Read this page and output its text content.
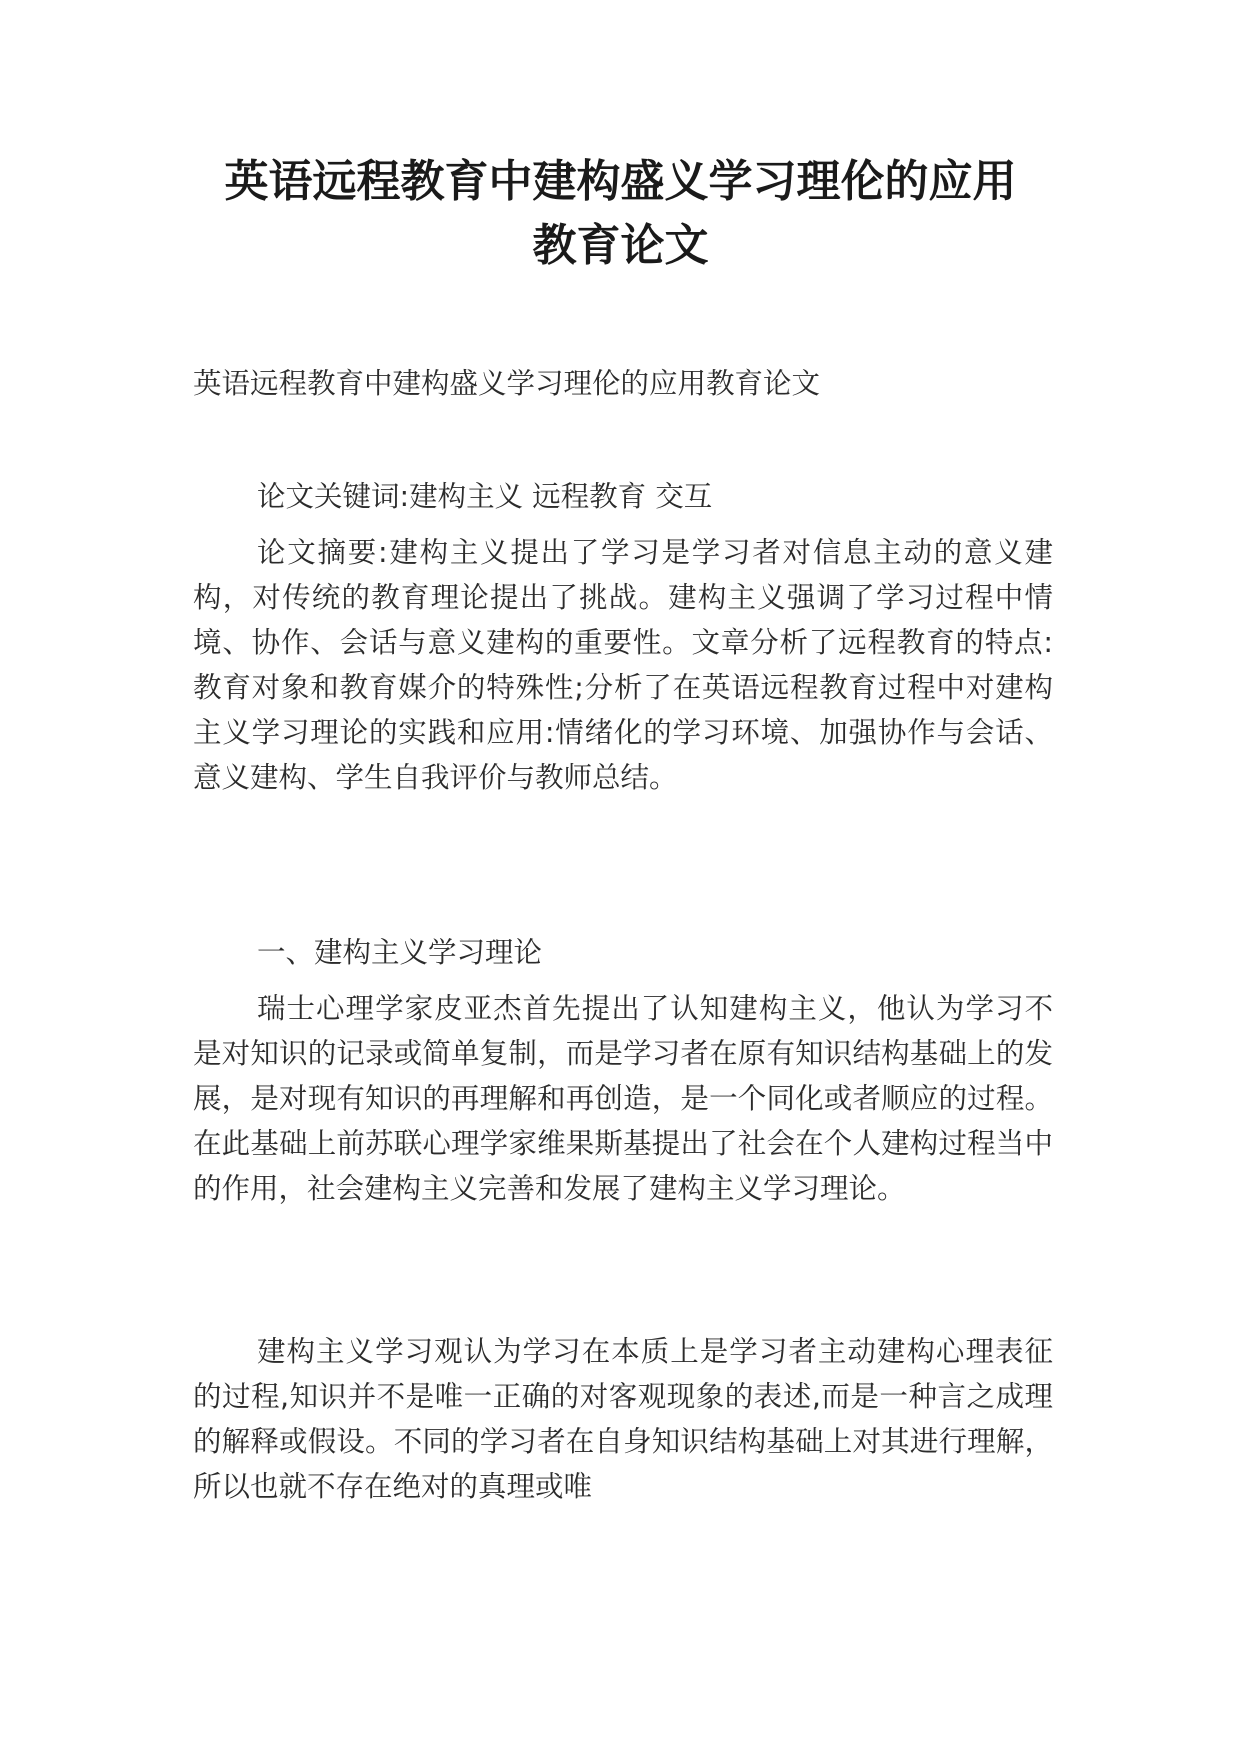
英语远程教育中建构盛义学习理伦的应用
教育论文

英语远程教育中建构盛义学习理伦的应用教育论文

论文关键词:建构主义 远程教育 交互

论文摘要:建构主义提出了学习是学习者对信息主动的意义建构，对传统的教育理论提出了挑战。建构主义强调了学习过程中情境、协作、会话与意义建构的重要性。文章分析了远程教育的特点:教育对象和教育媒介的特殊性;分析了在英语远程教育过程中对建构主义学习理论的实践和应用:情绪化的学习环境、加强协作与会话、意义建构、学生自我评价与教师总结。

一、建构主义学习理论

瑞士心理学家皮亚杰首先提出了认知建构主义，他认为学习不是对知识的记录或简单复制，而是学习者在原有知识结构基础上的发展，是对现有知识的再理解和再创造，是一个同化或者顺应的过程。在此基础上前苏联心理学家维果斯基提出了社会在个人建构过程当中的作用，社会建构主义完善和发展了建构主义学习理论。

建构主义学习观认为学习在本质上是学习者主动建构心理表征的过程,知识并不是唯一正确的对客观现象的表述,而是一种言之成理的解释或假设。不同的学习者在自身知识结构基础上对其进行理解，所以也就不存在绝对的真理或唯
